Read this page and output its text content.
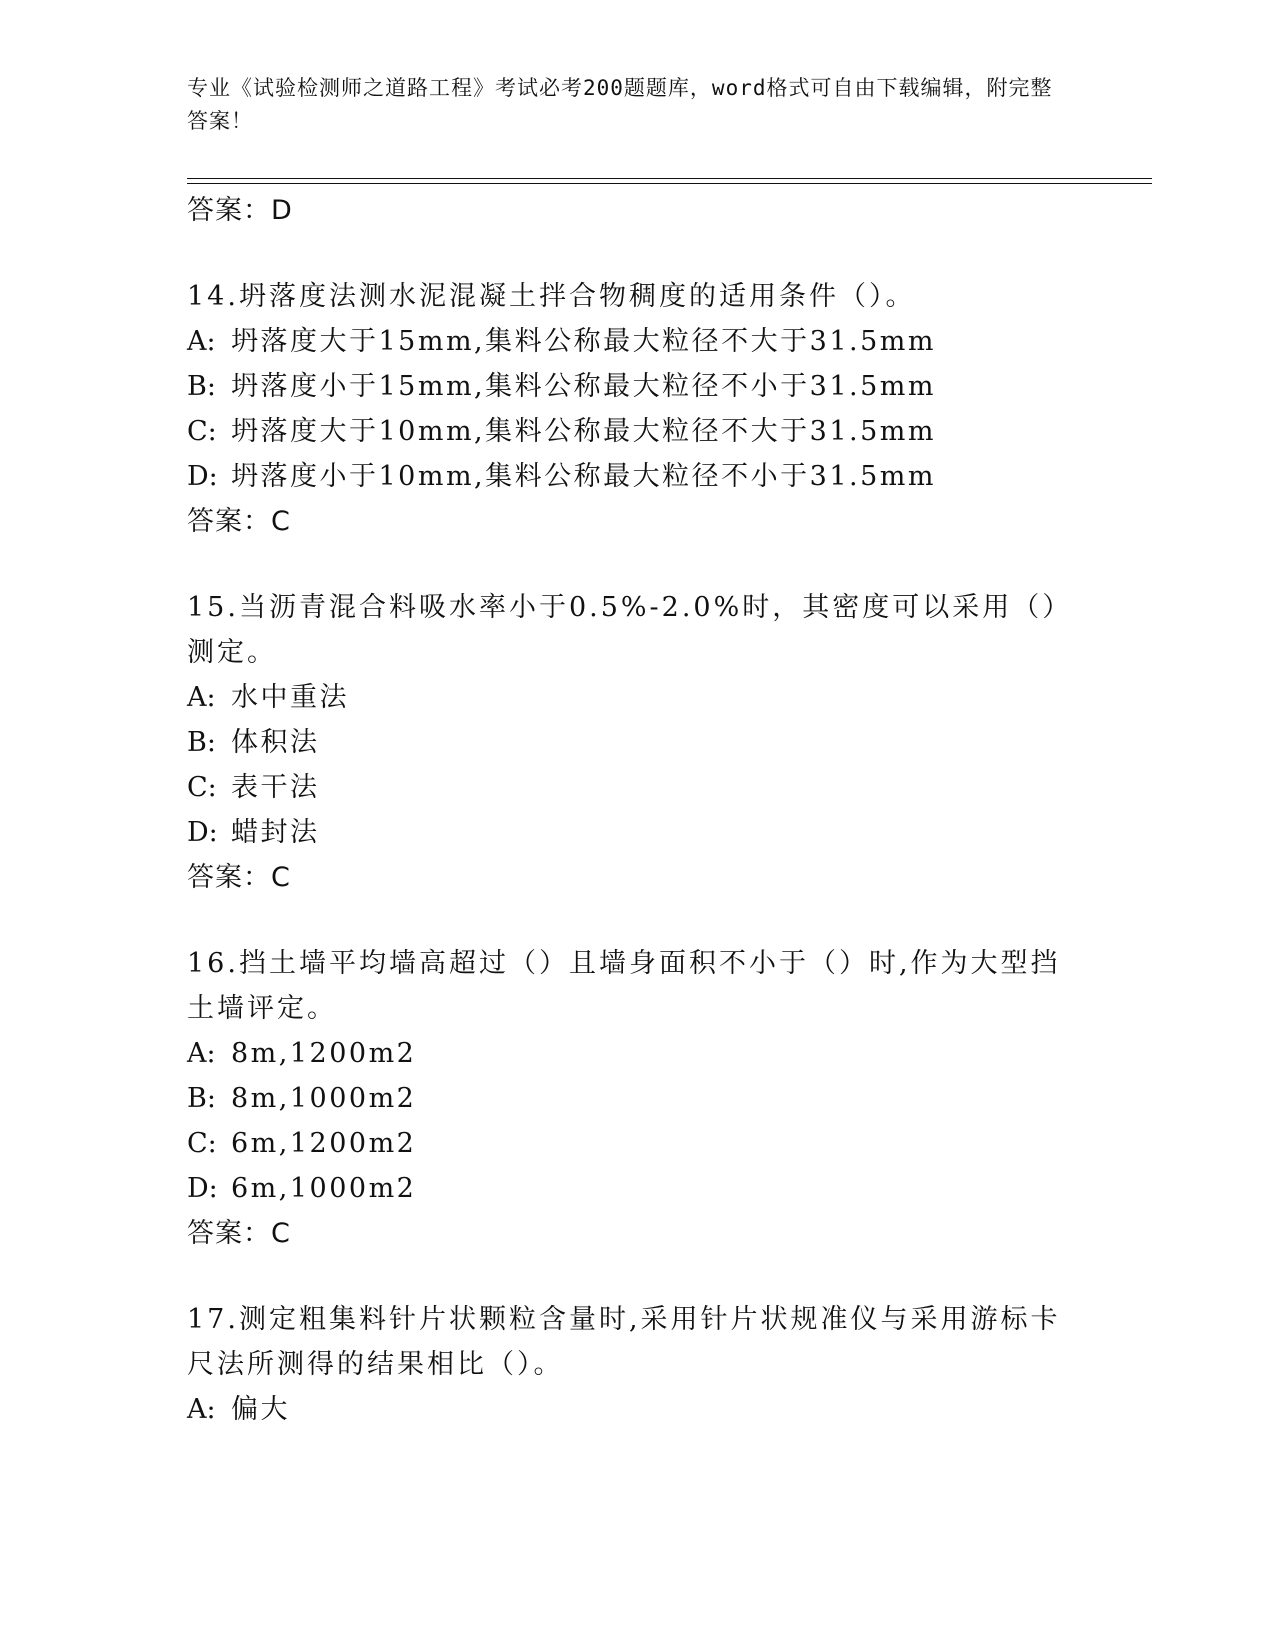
专业《试验检测师之道路工程》考试必考200题题库，word格式可自由下载编辑，附完整答案！
答案：D
14.坍落度法测水泥混凝土拌合物稠度的适用条件（）。
A: 坍落度大于15mm,集料公称最大粒径不大于31.5mm
B: 坍落度小于15mm,集料公称最大粒径不小于31.5mm
C: 坍落度大于10mm,集料公称最大粒径不大于31.5mm
D: 坍落度小于10mm,集料公称最大粒径不小于31.5mm
答案：C
15.当沥青混合料吸水率小于0.5%-2.0%时，其密度可以采用（）测定。
A: 水中重法
B: 体积法
C: 表干法
D: 蜡封法
答案：C
16.挡土墙平均墙高超过（）且墙身面积不小于（）时,作为大型挡土墙评定。
A: 8m,1200m2
B: 8m,1000m2
C: 6m,1200m2
D: 6m,1000m2
答案：C
17.测定粗集料针片状颗粒含量时,采用针片状规准仪与采用游标卡尺法所测得的结果相比（）。
A: 偏大
